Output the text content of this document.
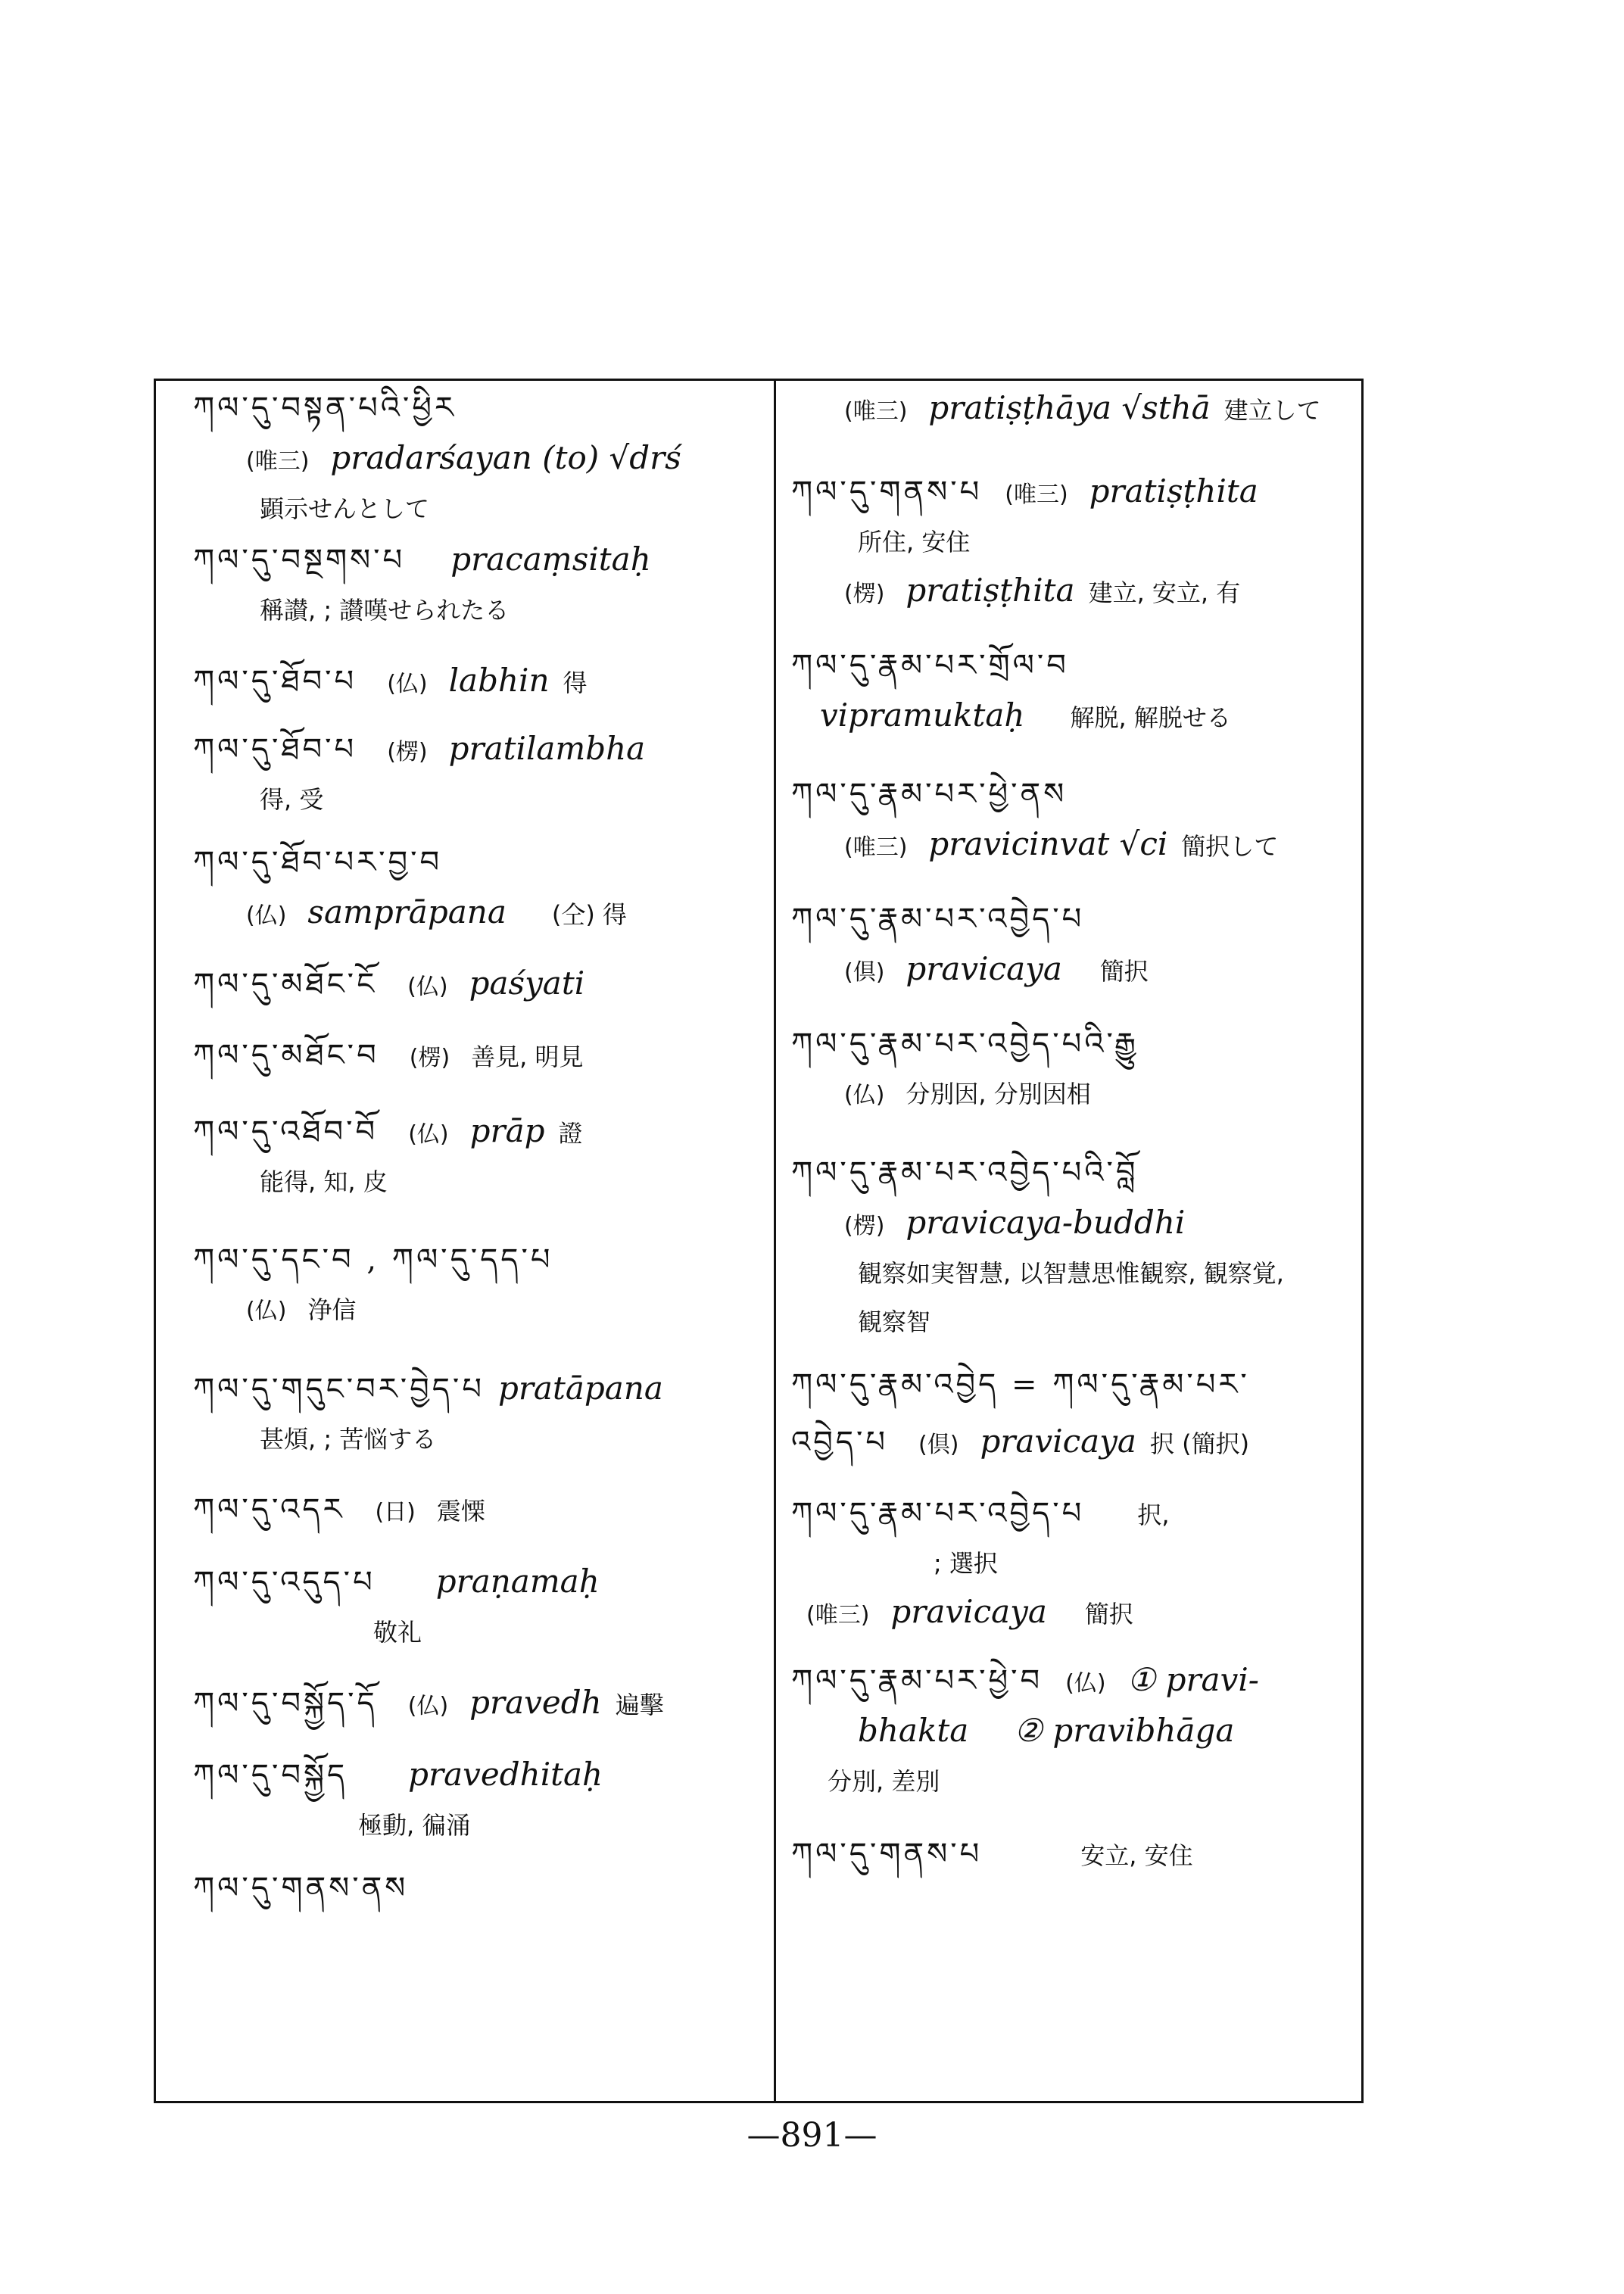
ཀལ་དུ་བསྟན་པའི་ཕྱིར
(唯三) pradarśayan (to) √drś
顕示せんとして
ཀལ་དུ་བསྔགས་པ pracaṃsitaḥ
稱讃, ; 讃嘆せられたる
ཀལ་དུ་ཐོབ་པ (仏) labhin 得
ཀལ་དུ་ཐོབ་པ (楞) pratilambha
得, 受
ཀལ་དུ་ཐོབ་པར་བྱ་བ
(仏) samprāpana (仝) 得
ཀལ་དུ་མཐོང་ངོ (仏) paśyati
ཀལ་དུ་མཐོང་བ (楞) 善見, 明見
ཀལ་དུ་འཐོབ་བོ (仏) prāp 證
能得, 知, 皮
ཀལ་དུ་དང་བ , ཀལ་དུ་དད་པ
(仏) 浄信
ཀལ་དུ་གདུང་བར་བྱེད་པ pratāpana
甚煩, ; 苦悩する
ཀལ་དུ་འདར (日) 震慄
ཀལ་དུ་འདུད་པ praṇamaḥ
敬礼
ཀལ་དུ་བསྐྱོད་དོ (仏) pravedh 遍擊
ཀལ་དུ་བསྐྱོད pravedhitaḥ
極動, 徧涌
ཀལ་དུ་གནས་ནས
(唯三) pratiṣṭhāya √sthā 建立して
ཀལ་དུ་གནས་པ (唯三) pratiṣṭhita
所住, 安住
(楞) pratiṣṭhita 建立, 安立, 有
ཀལ་དུ་རྣམ་པར་གྲོལ་བ
vipramuktaḥ 解脱, 解脱せる
ཀལ་དུ་རྣམ་པར་ཕྱེ་ནས
(唯三) pravicinvat √ci 簡択して
ཀལ་དུ་རྣམ་པར་འབྱེད་པ
(倶) pravicaya 簡択
ཀལ་དུ་རྣམ་པར་འབྱེད་པའི་རྒྱུ
(仏) 分別因, 分別因相
ཀལ་དུ་རྣམ་པར་འབྱེད་པའི་བློ
(楞) pravicaya-buddhi
観察如実智慧, 以智慧思惟観察, 観察覚,
観察智
ཀལ་དུ་རྣམ་འབྱེད = ཀལ་དུ་རྣམ་པར་
འབྱེད་པ (倶) pravicaya 択 (簡択)
ཀལ་དུ་རྣམ་པར་འབྱེད་པ 択,
; 選択
(唯三) pravicaya 簡択
ཀལ་དུ་རྣམ་པར་ཕྱེ་བ (仏) ① pravi-
bhakta ② pravibhāga
分別, 差別
ཀལ་དུ་གནས་པ	安立, 安住
—891—
